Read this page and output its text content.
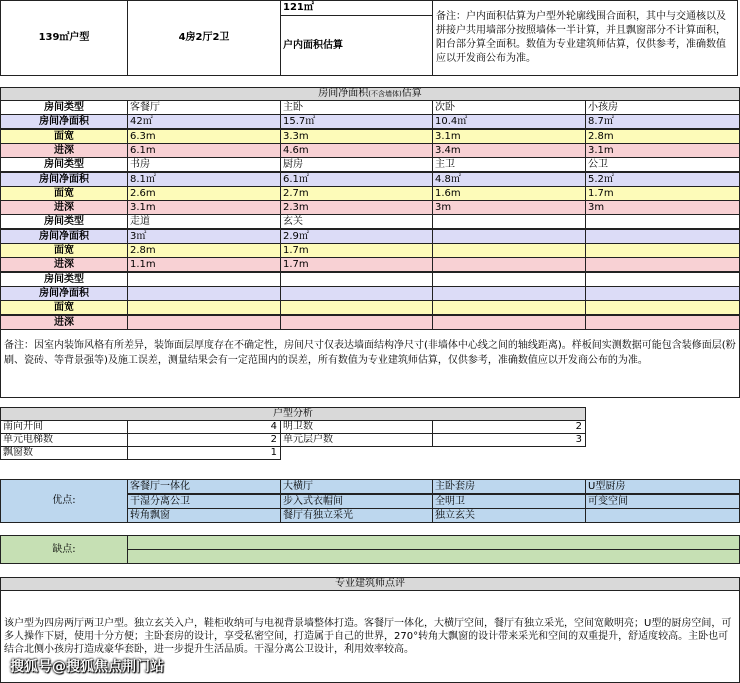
139㎡户型	4房2厅2卫
121㎡
户内面积估算
备注：户内面积估算为户型外轮廓线围合面积，其中与交通核以及拼接户共用墙部分按照墙体一半计算，并且飘窗部分不计算面积，阳台部分算全面积。数值为专业建筑师估算，仅供参考，准确数值应以开发商公布为准。
房间净面积(不含墙体)估算
房间类型	客餐厅	主卧	次卧	小孩房
房间净面积	42㎡	15.7㎡	10.4㎡	8.7㎡
面宽	6.3m	3.3m	3.1m	2.8m
进深	6.1m	4.6m	3.4m	3.1m
房间类型	书房	厨房	主卫	公卫
房间净面积	8.1㎡	6.1㎡	4.8㎡	5.2㎡
面宽	2.6m	2.7m	1.6m	1.7m
进深	3.1m	2.3m	3m	3m
房间类型	走道	玄关
房间净面积	3㎡	2.9㎡
面宽	2.8m	1.7m
进深	1.1m	1.7m
房间类型
房间净面积
面宽
进深
备注：因室内装饰风格有所差异，装饰面层厚度存在不确定性，房间尺寸仅表达墙面结构净尺寸(非墙体中心线之间的轴线距离)。样板间实测数据可能包含装修面层(粉刷、瓷砖、等背景强等)及施工误差，测量结果会有一定范围内的误差，所有数值为专业建筑师估算，仅供参考，准确数值应以开发商公布的为准。
户型分析
南向开间	4 明卫数	2
单元电梯数	2 单元层户数	3
飘窗数	1
优点:
客餐厅一体化	大横厅	主卧套房	U型厨房
干湿分离公卫	步入式衣帽间	全明卫	可变空间
转角飘窗	餐厅有独立采光	独立玄关
缺点:
专业建筑师点评
该户型为四房两厅两卫户型。独立玄关入户，鞋柜收纳可与电视背景墙整体打造。客餐厅一体化，大横厅空间，餐厅有独立采光，空间宽敞明亮；U型的厨房空间，可多人操作下厨，使用十分方便；主卧套房的设计，享受私密空间，打造属于自己的世界，270°转角大飘窗的设计带来采光和空间的双重提升，舒适度较高。主卧也可结合北侧小孩房打造成豪华套卧，进一步提升生活品质。干湿分离公卫设计，利用效率较高。
搜狐号@搜狐焦点荆门站
